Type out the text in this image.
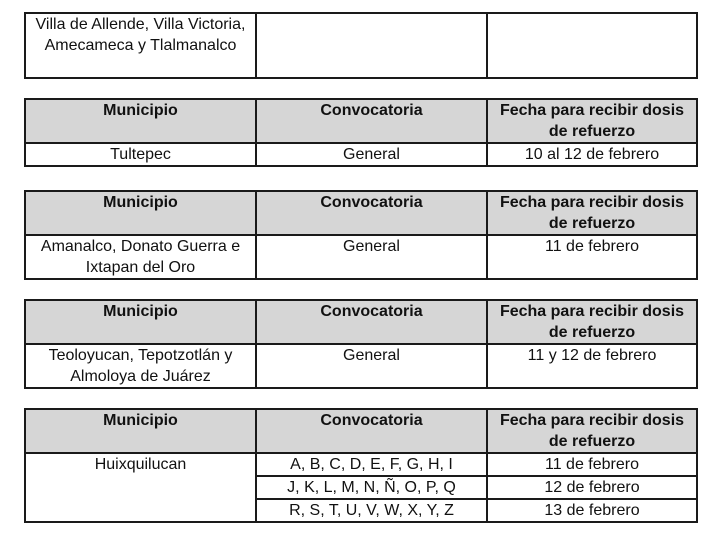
Villa de Allende, Villa Victoria, Amecameca y Tlalmanalco		
Municipio	Convocatoria	Fecha para recibir dosis de refuerzo
Tultepec	General	10 al 12 de febrero
Municipio	Convocatoria	Fecha para recibir dosis de refuerzo
Amanalco, Donato Guerra e Ixtapan del Oro	General	11 de febrero
Municipio	Convocatoria	Fecha para recibir dosis de refuerzo
Teoloyucan, Tepotzotlán y Almoloya de Juárez	General	11 y 12 de febrero
Municipio	Convocatoria	Fecha para recibir dosis de refuerzo
Huixquilucan	A, B, C, D, E, F, G, H, I	11 de febrero
	J, K, L, M, N, Ñ, O, P, Q	12 de febrero
	R, S, T, U, V, W, X, Y, Z	13 de febrero
